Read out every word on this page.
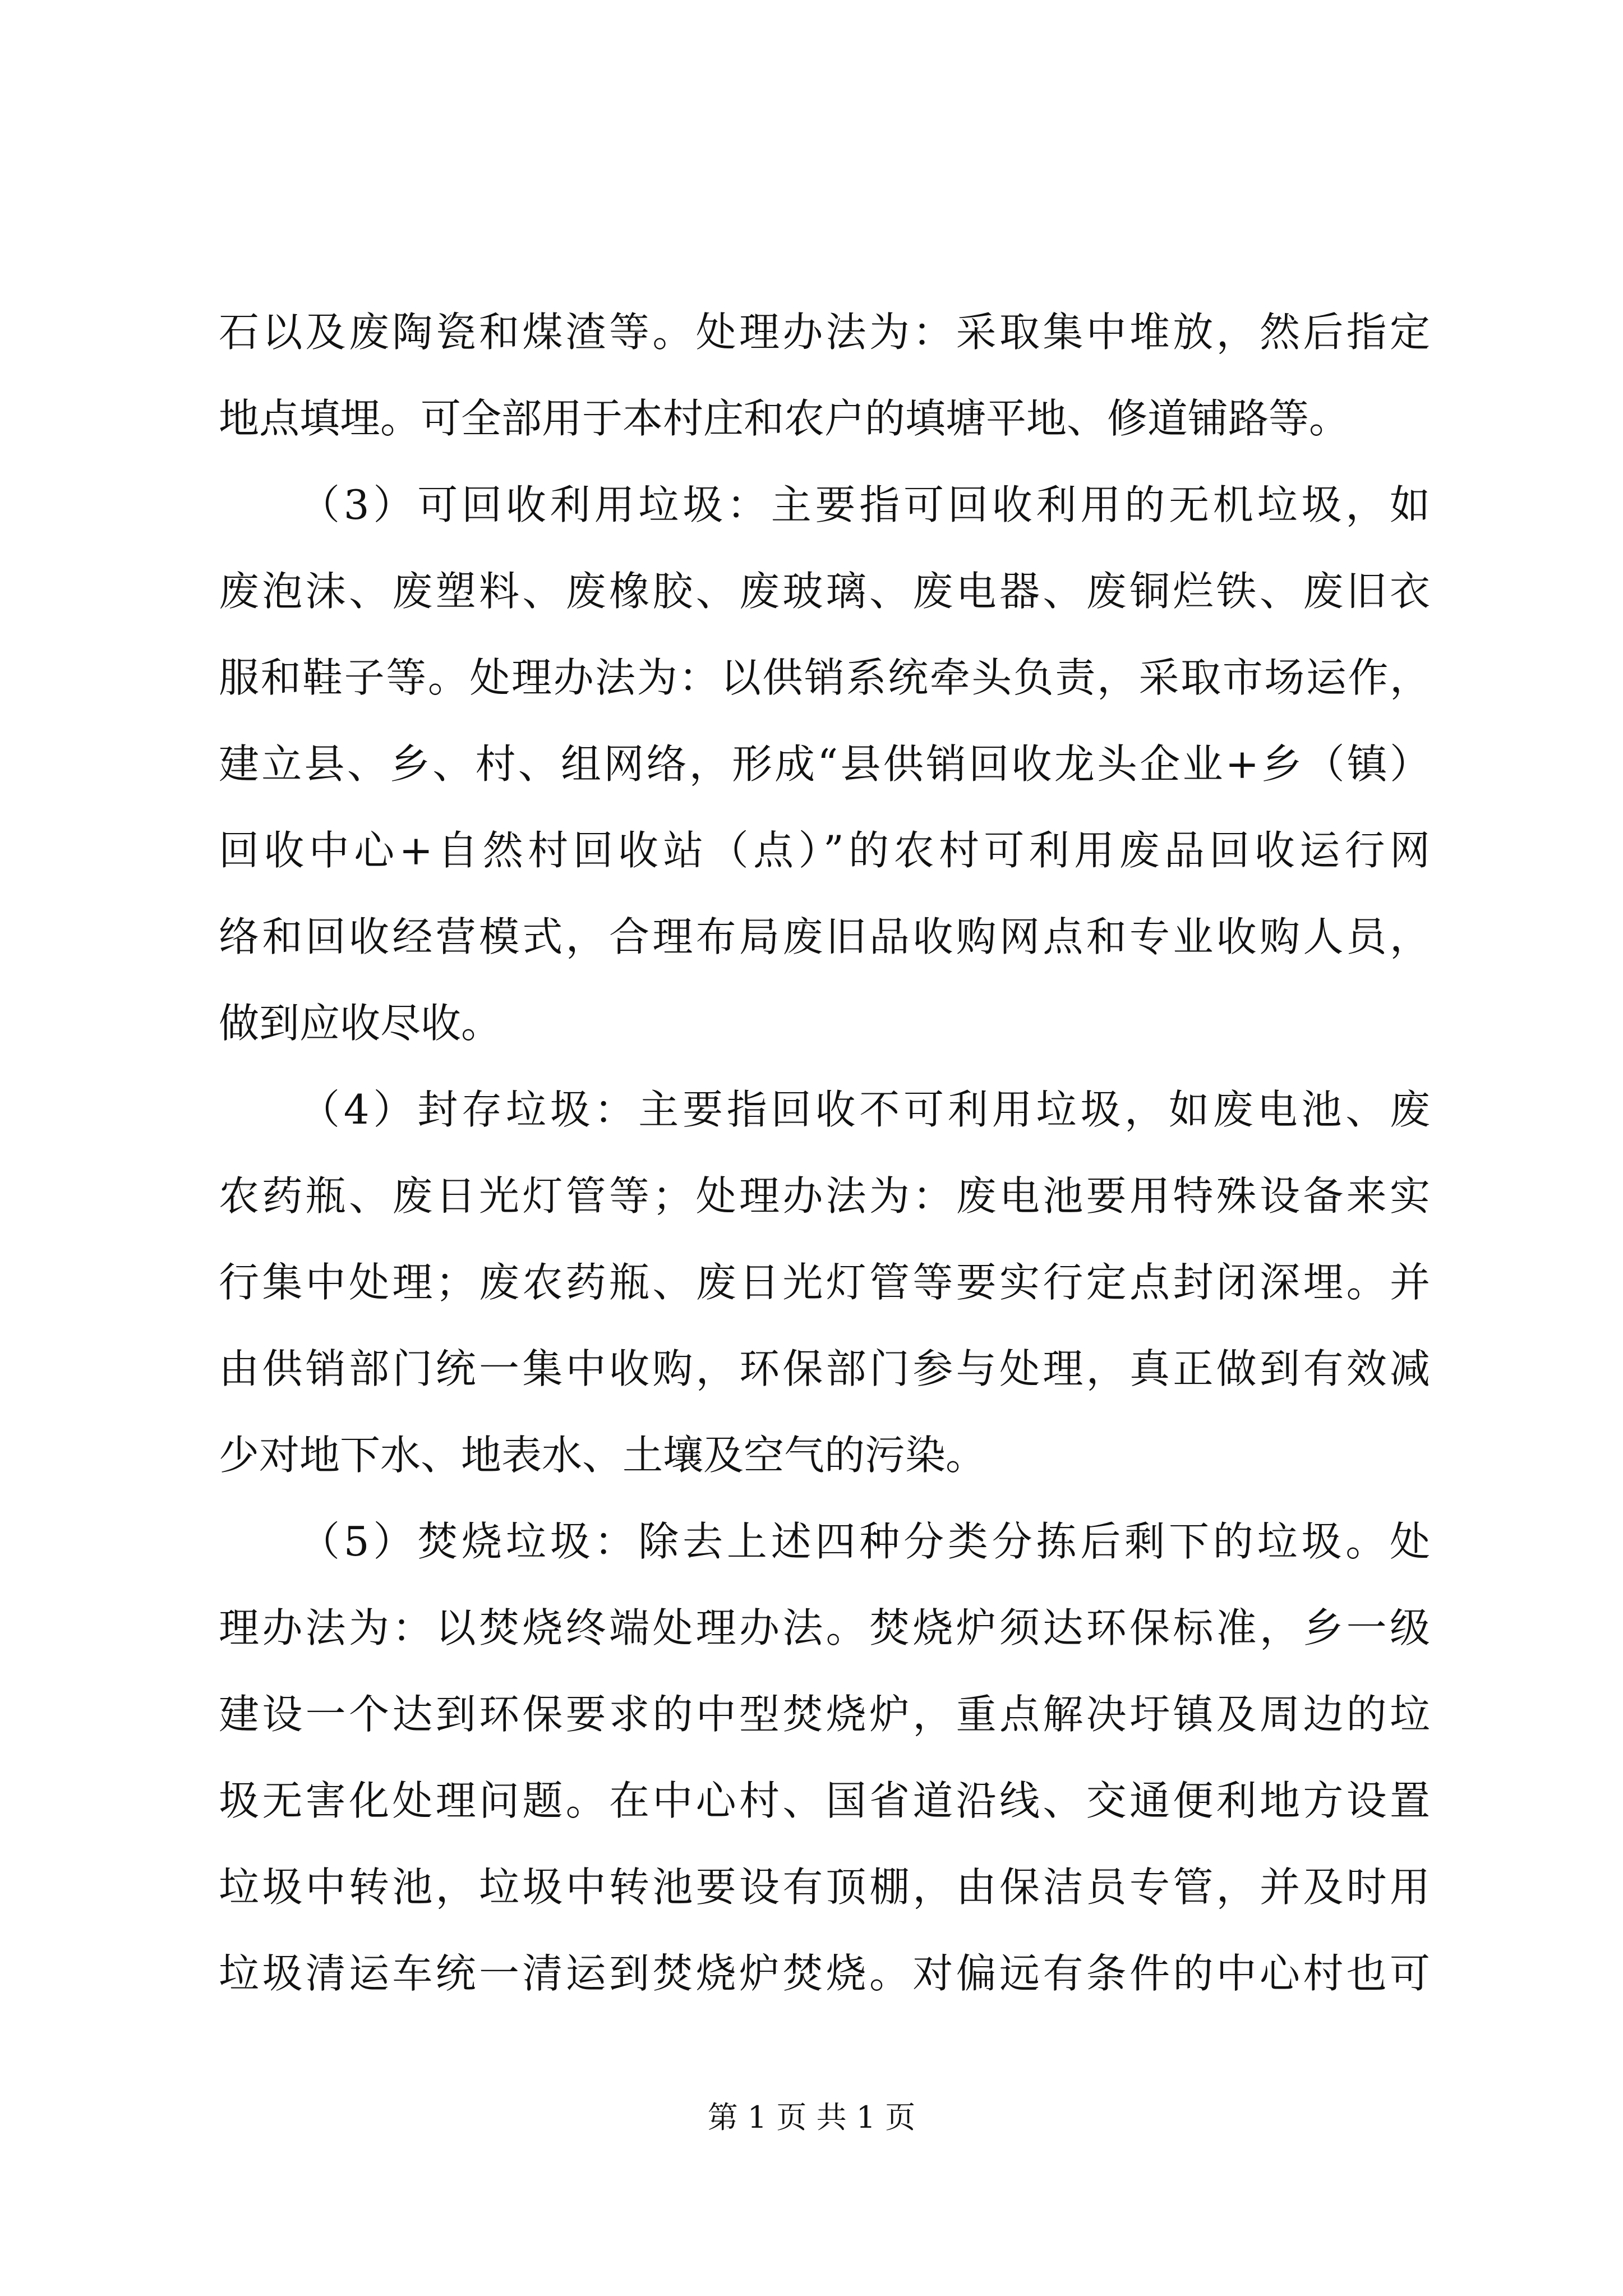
石以及废陶瓷和煤渣等。处理办法为：采取集中堆放，然后指定
地点填埋。可全部用于本村庄和农户的填塘平地、修道铺路等。
（3）可回收利用垃圾：主要指可回收利用的无机垃圾，如
废泡沫、废塑料、废橡胶、废玻璃、废电器、废铜烂铁、废旧衣
服和鞋子等。处理办法为：以供销系统牵头负责，采取市场运作，
建立县、乡、村、组网络，形成“县供销回收龙头企业+乡（镇）
回收中心+自然村回收站（点）”的农村可利用废品回收运行网
络和回收经营模式，合理布局废旧品收购网点和专业收购人员，
做到应收尽收。
（4）封存垃圾：主要指回收不可利用垃圾，如废电池、废
农药瓶、废日光灯管等；处理办法为：废电池要用特殊设备来实
行集中处理；废农药瓶、废日光灯管等要实行定点封闭深埋。并
由供销部门统一集中收购，环保部门参与处理，真正做到有效减
少对地下水、地表水、土壤及空气的污染。
（5）焚烧垃圾：除去上述四种分类分拣后剩下的垃圾。处
理办法为：以焚烧终端处理办法。焚烧炉须达环保标准，乡一级
建设一个达到环保要求的中型焚烧炉，重点解决圩镇及周边的垃
圾无害化处理问题。在中心村、国省道沿线、交通便利地方设置
垃圾中转池，垃圾中转池要设有顶棚，由保洁员专管，并及时用
垃圾清运车统一清运到焚烧炉焚烧。对偏远有条件的中心村也可
第 1 页 共 1 页
